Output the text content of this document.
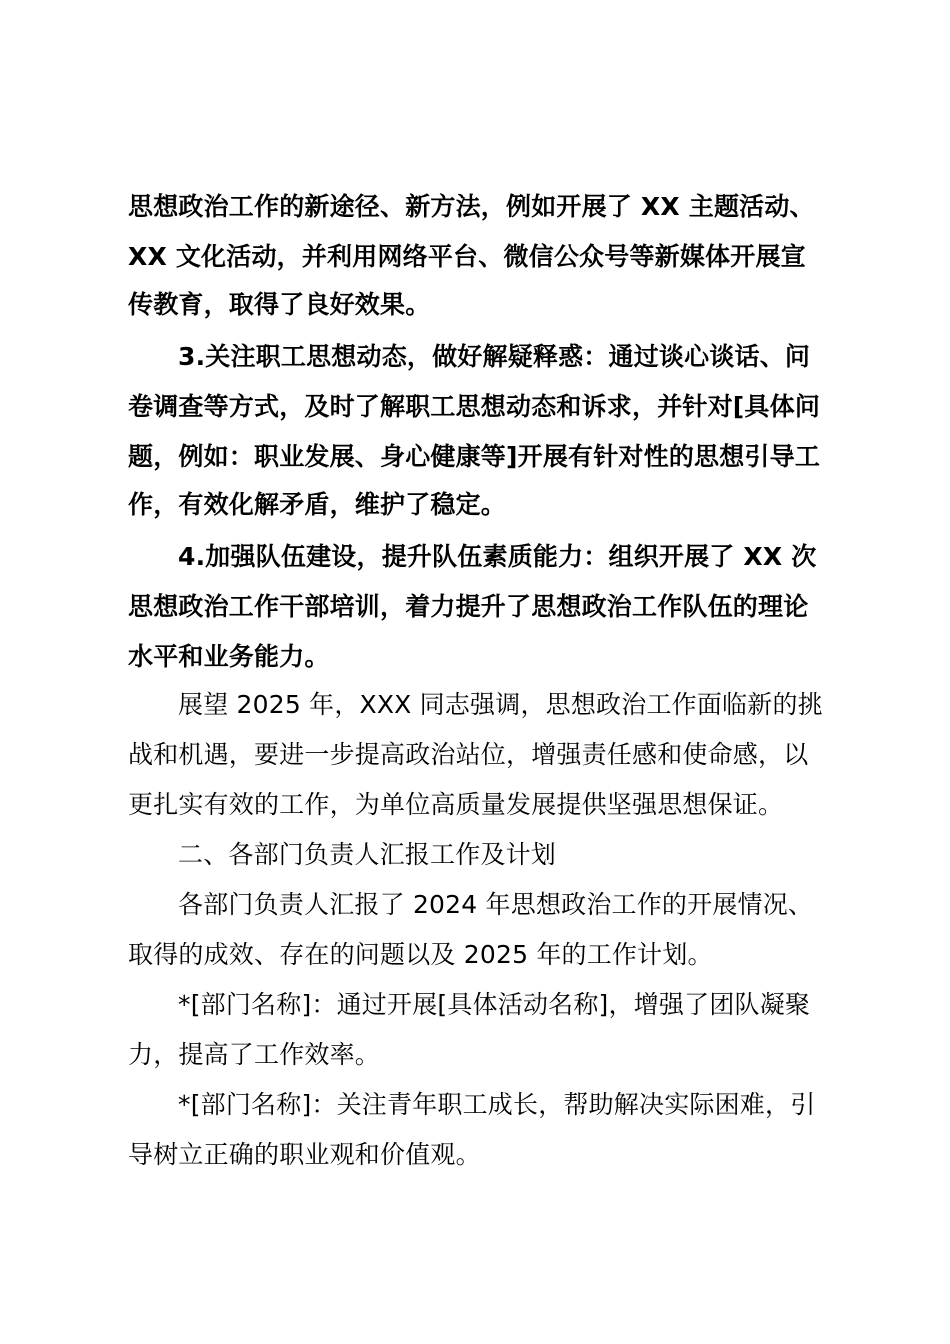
思想政治工作的新途径、新方法，例如开展了 XX 主题活动、

XX 文化活动，并利用网络平台、微信公众号等新媒体开展宣

传教育，取得了良好效果。

3.关注职工思想动态，做好解疑释惑：通过谈心谈话、问

卷调查等方式，及时了解职工思想动态和诉求，并针对[具体问

题，例如：职业发展、身心健康等]开展有针对性的思想引导工

作，有效化解矛盾，维护了稳定。

4.加强队伍建设，提升队伍素质能力：组织开展了 XX 次

思想政治工作干部培训，着力提升了思想政治工作队伍的理论

水平和业务能力。

展望 2025 年，XXX 同志强调，思想政治工作面临新的挑

战和机遇，要进一步提高政治站位，增强责任感和使命感，以

更扎实有效的工作，为单位高质量发展提供坚强思想保证。

二、各部门负责人汇报工作及计划

各部门负责人汇报了 2024 年思想政治工作的开展情况、

取得的成效、存在的问题以及 2025 年的工作计划。

*[部门名称]：通过开展[具体活动名称]，增强了团队凝聚

力，提高了工作效率。

*[部门名称]：关注青年职工成长，帮助解决实际困难，引

导树立正确的职业观和价值观。
